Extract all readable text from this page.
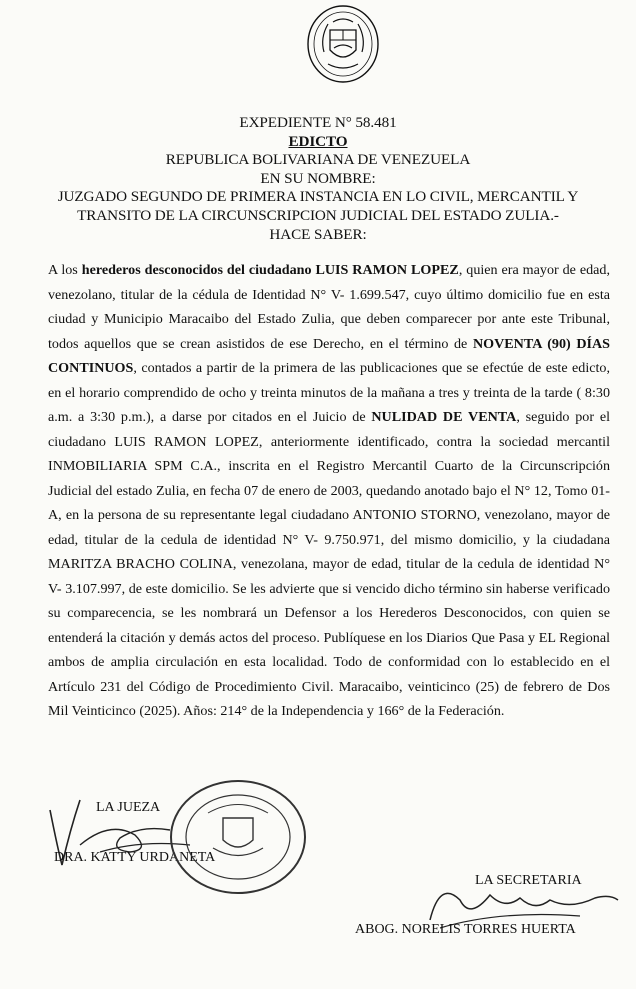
EXPEDIENTE N° 58.481
EDICTO
REPUBLICA BOLIVARIANA DE VENEZUELA
EN SU NOMBRE:
JUZGADO SEGUNDO DE PRIMERA INSTANCIA EN LO CIVIL, MERCANTIL Y
TRANSITO DE LA CIRCUNSCRIPCION JUDICIAL DEL ESTADO ZULIA.-
HACE SABER:
A los herederos desconocidos del ciudadano LUIS RAMON LOPEZ, quien era mayor de edad, venezolano, titular de la cédula de Identidad N° V- 1.699.547, cuyo último domicilio fue en esta ciudad y Municipio Maracaibo del Estado Zulia, que deben comparecer por ante este Tribunal, todos aquellos que se crean asistidos de ese Derecho, en el término de NOVENTA (90) DÍAS CONTINUOS, contados a partir de la primera de las publicaciones que se efectúe de este edicto, en el horario comprendido de ocho y treinta minutos de la mañana a tres y treinta de la tarde ( 8:30 a.m. a 3:30 p.m.), a darse por citados en el Juicio de NULIDAD DE VENTA, seguido por el ciudadano LUIS RAMON LOPEZ, anteriormente identificado, contra la sociedad mercantil INMOBILIARIA SPM C.A., inscrita en el Registro Mercantil Cuarto de la Circunscripción Judicial del estado Zulia, en fecha 07 de enero de 2003, quedando anotado bajo el N° 12, Tomo 01-A, en la persona de su representante legal ciudadano ANTONIO STORNO, venezolano, mayor de edad, titular de la cedula de identidad N° V- 9.750.971, del mismo domicilio, y la ciudadana MARITZA BRACHO COLINA, venezolana, mayor de edad, titular de la cedula de identidad N° V- 3.107.997, de este domicilio. Se les advierte que si vencido dicho término sin haberse verificado su comparecencia, se les nombrará un Defensor a los Herederos Desconocidos, con quien se entenderá la citación y demás actos del proceso. Publíquese en los Diarios Que Pasa y EL Regional ambos de amplia circulación en esta localidad. Todo de conformidad con lo establecido en el Artículo 231 del Código de Procedimiento Civil. Maracaibo, veinticinco (25) de febrero de Dos Mil Veinticinco (2025). Años: 214° de la Independencia y 166° de la Federación.
LA JUEZA
DRA. KATTY URDANETA
LA SECRETARIA
ABOG. NORELIS TORRES HUERTA
